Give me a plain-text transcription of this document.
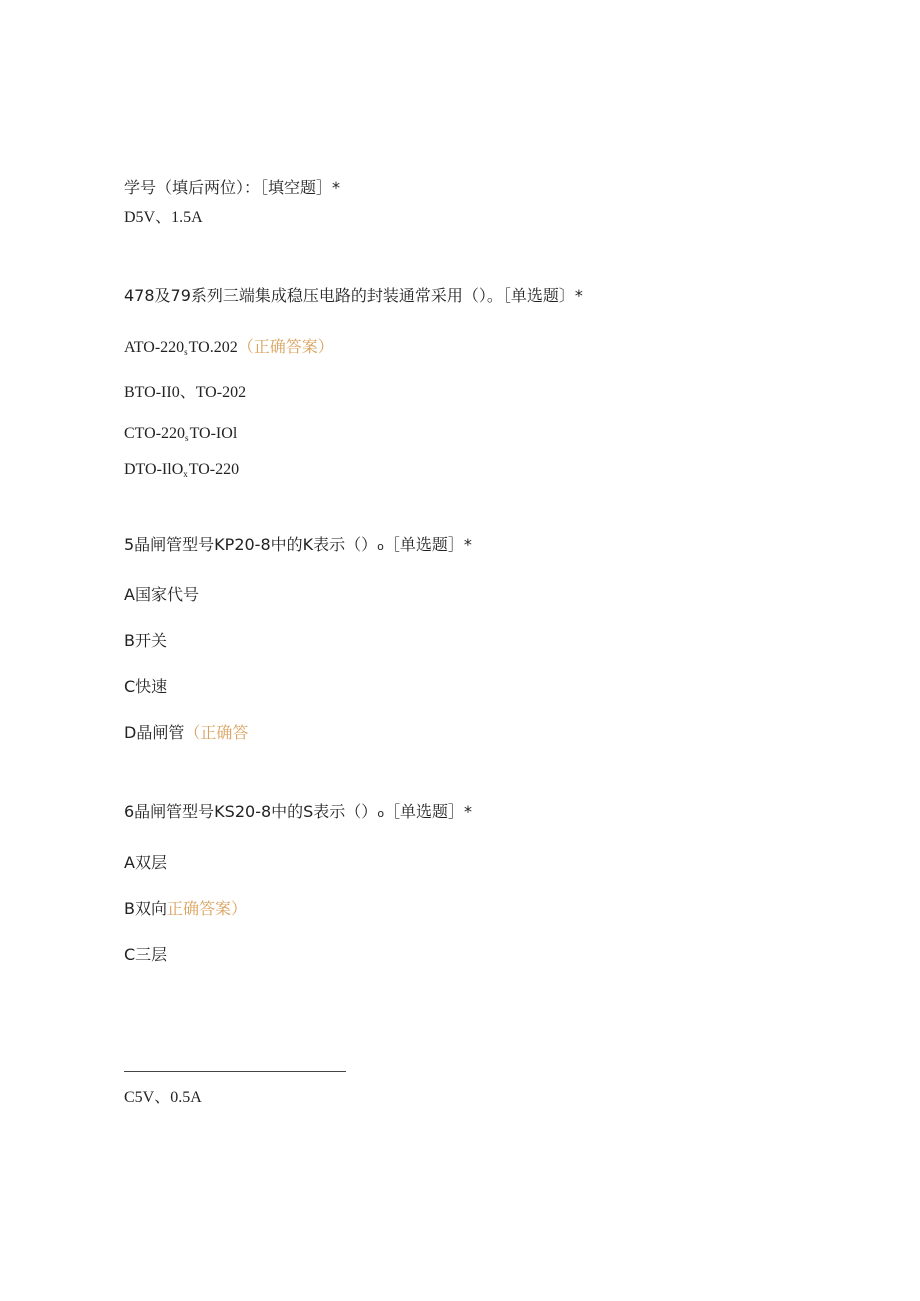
学号（填后两位）：［填空题］*
D5V、1.5A
478及79系列三端集成稳压电路的封装通常采用（）。［单选题〕*
ATO-$220_sTO.202$（正确答案）
BTO-II0、TO-202
CTO-$220_sTO$-IOl
DTO-IlO$_x$TO-220
5晶闸管型号KP20-8中的K表示（）o［单选题］*
A国家代号
B开关
C快速
D晶闸管（正确答
6晶闸管型号KS20-8中的S表示（）o［单选题］*
A双层
B双向正确答案）
C三层
C5V、0.5A
